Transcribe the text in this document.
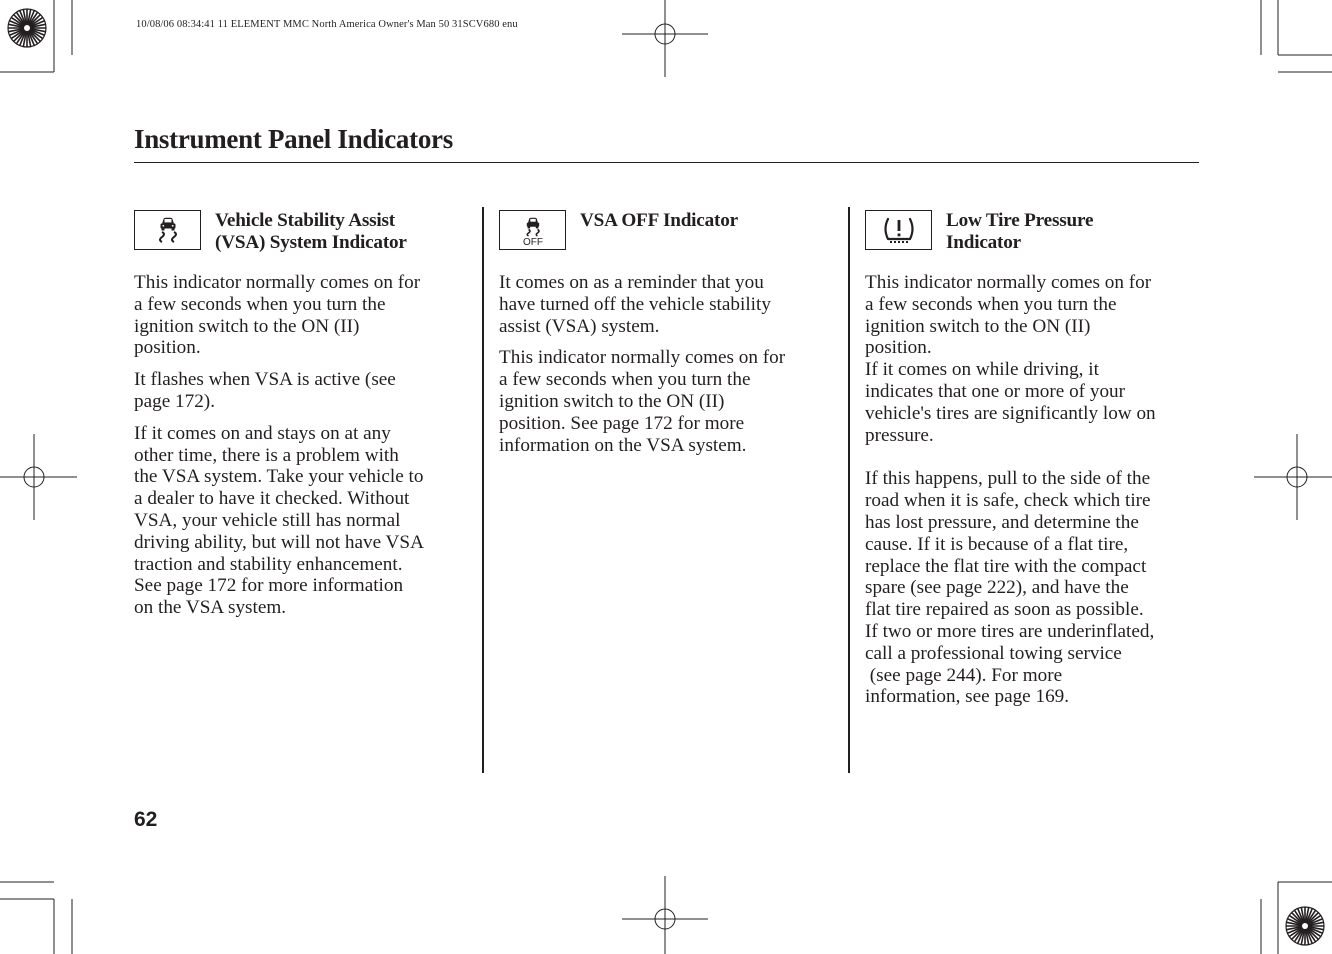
10/08/06 08:34:41 11 ELEMENT MMC North America Owner's Man 50 31SCV680 enu
Instrument Panel Indicators
Vehicle Stability Assist
(VSA) System Indicator

This indicator normally comes on for
a few seconds when you turn the
ignition switch to the ON (II)
position.

It flashes when VSA is active (see
page 172).

If it comes on and stays on at any
other time, there is a problem with
the VSA system. Take your vehicle to
a dealer to have it checked. Without
VSA, your vehicle still has normal
driving ability, but will not have VSA
traction and stability enhancement.
See page 172 for more information
on the VSA system.

OFF
VSA OFF Indicator

It comes on as a reminder that you
have turned off the vehicle stability
assist (VSA) system.

This indicator normally comes on for
a few seconds when you turn the
ignition switch to the ON (II)
position. See page 172 for more
information on the VSA system.

Low Tire Pressure
Indicator

This indicator normally comes on for
a few seconds when you turn the
ignition switch to the ON (II)
position.

If it comes on while driving, it
indicates that one or more of your
vehicle's tires are significantly low on
pressure.

If this happens, pull to the side of the
road when it is safe, check which tire
has lost pressure, and determine the
cause. If it is because of a flat tire,
replace the flat tire with the compact
spare (see page 222), and have the
flat tire repaired as soon as possible.
If two or more tires are underinflated,
call a professional towing service
(see page 244). For more
information, see page 169.

62
